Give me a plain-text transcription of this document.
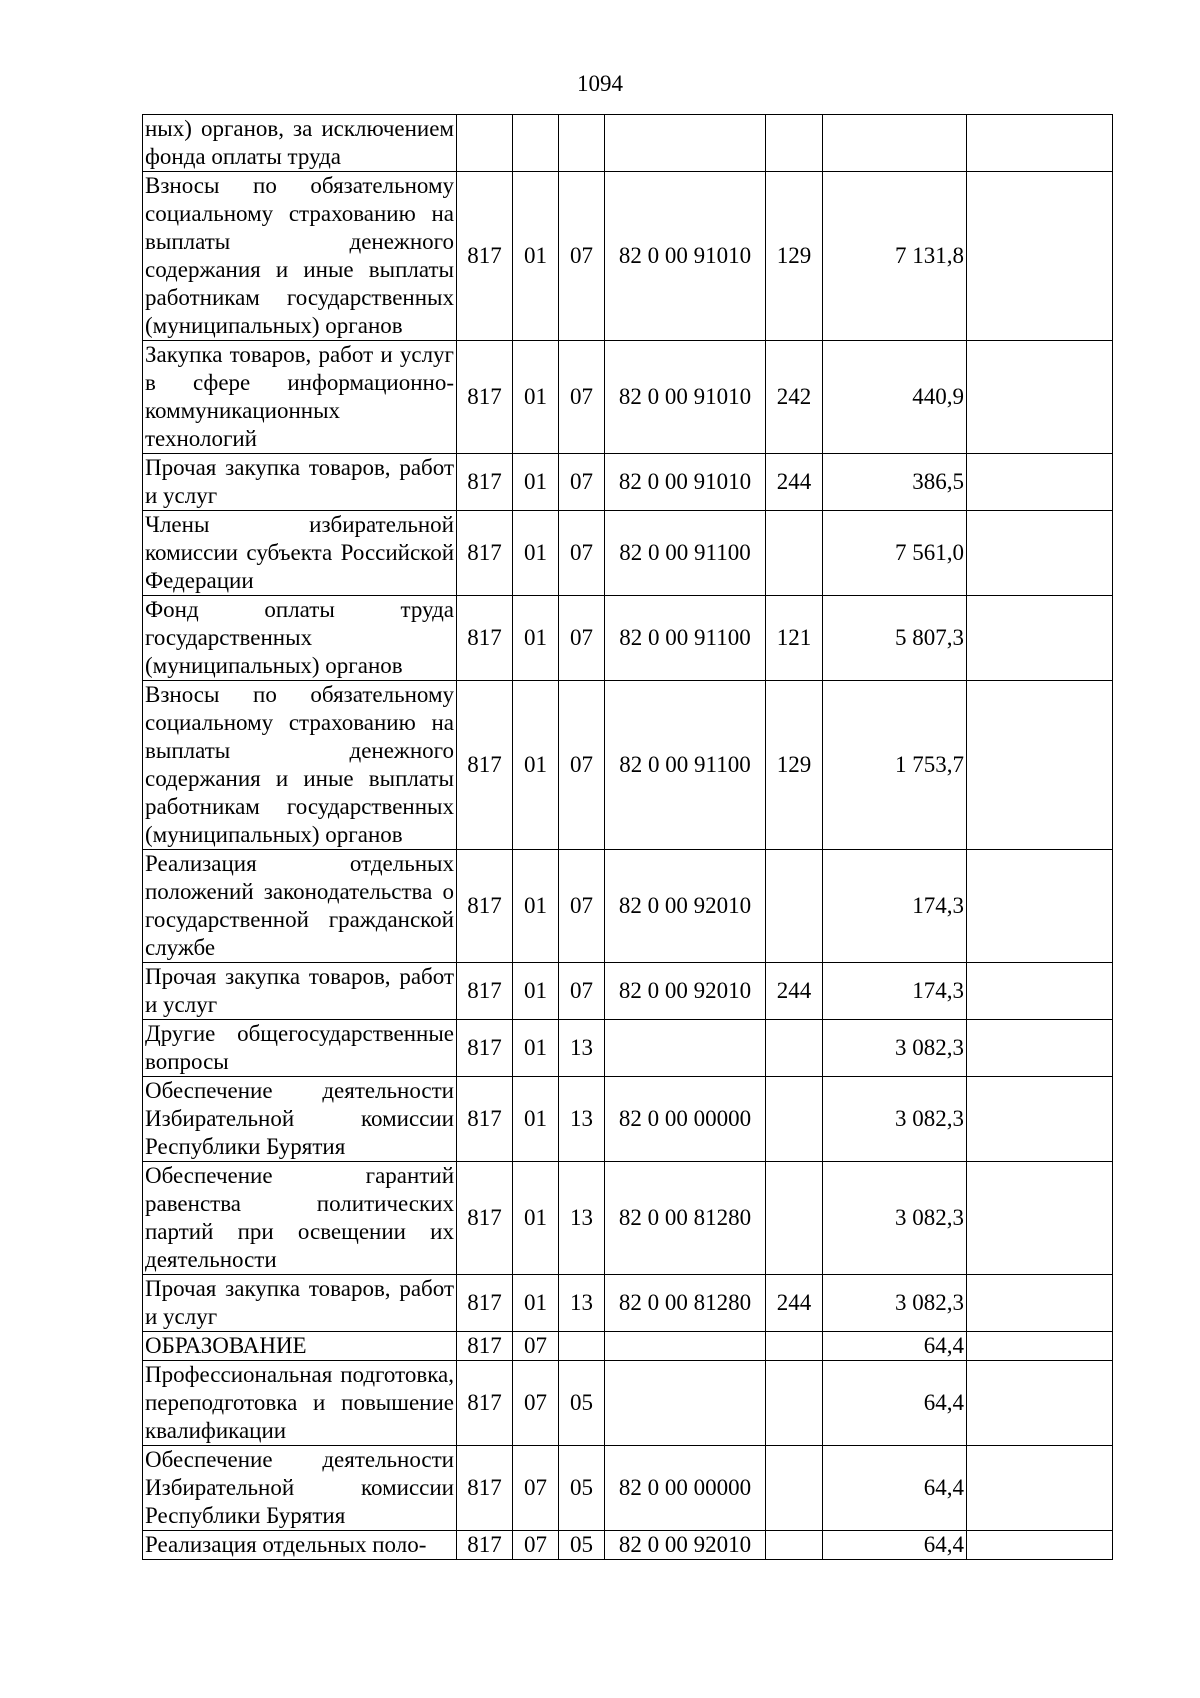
1094
ных) органов, за исключением фонда оплаты труда							
Взносы по обязательному социальному страхованию на выплаты денежного содержания и иные выплаты работникам государственных (муниципальных) органов	817	01	07	82 0 00 91010	129	7 131,8	
Закупка товаров, работ и услуг в сфере информационно-коммуникационных технологий	817	01	07	82 0 00 91010	242	440,9	
Прочая закупка товаров, работ и услуг	817	01	07	82 0 00 91010	244	386,5	
Члены избирательной комиссии субъекта Российской Федерации	817	01	07	82 0 00 91100		7 561,0	
Фонд оплаты труда государственных (муниципальных) органов	817	01	07	82 0 00 91100	121	5 807,3	
Взносы по обязательному социальному страхованию на выплаты денежного содержания и иные выплаты работникам государственных (муниципальных) органов	817	01	07	82 0 00 91100	129	1 753,7	
Реализация отдельных положений законодательства о государственной гражданской службе	817	01	07	82 0 00 92010		174,3	
Прочая закупка товаров, работ и услуг	817	01	07	82 0 00 92010	244	174,3	
Другие общегосударственные вопросы	817	01	13			3 082,3	
Обеспечение деятельности Избирательной комиссии Республики Бурятия	817	01	13	82 0 00 00000		3 082,3	
Обеспечение гарантий равенства политических партий при освещении их деятельности	817	01	13	82 0 00 81280		3 082,3	
Прочая закупка товаров, работ и услуг	817	01	13	82 0 00 81280	244	3 082,3	
ОБРАЗОВАНИЕ	817	07				64,4	
Профессиональная подготовка, переподготовка и повышение квалификации	817	07	05			64,4	
Обеспечение деятельности Избирательной комиссии Республики Бурятия	817	07	05	82 0 00 00000		64,4	
Реализация отдельных поло-	817	07	05	82 0 00 92010		64,4	
